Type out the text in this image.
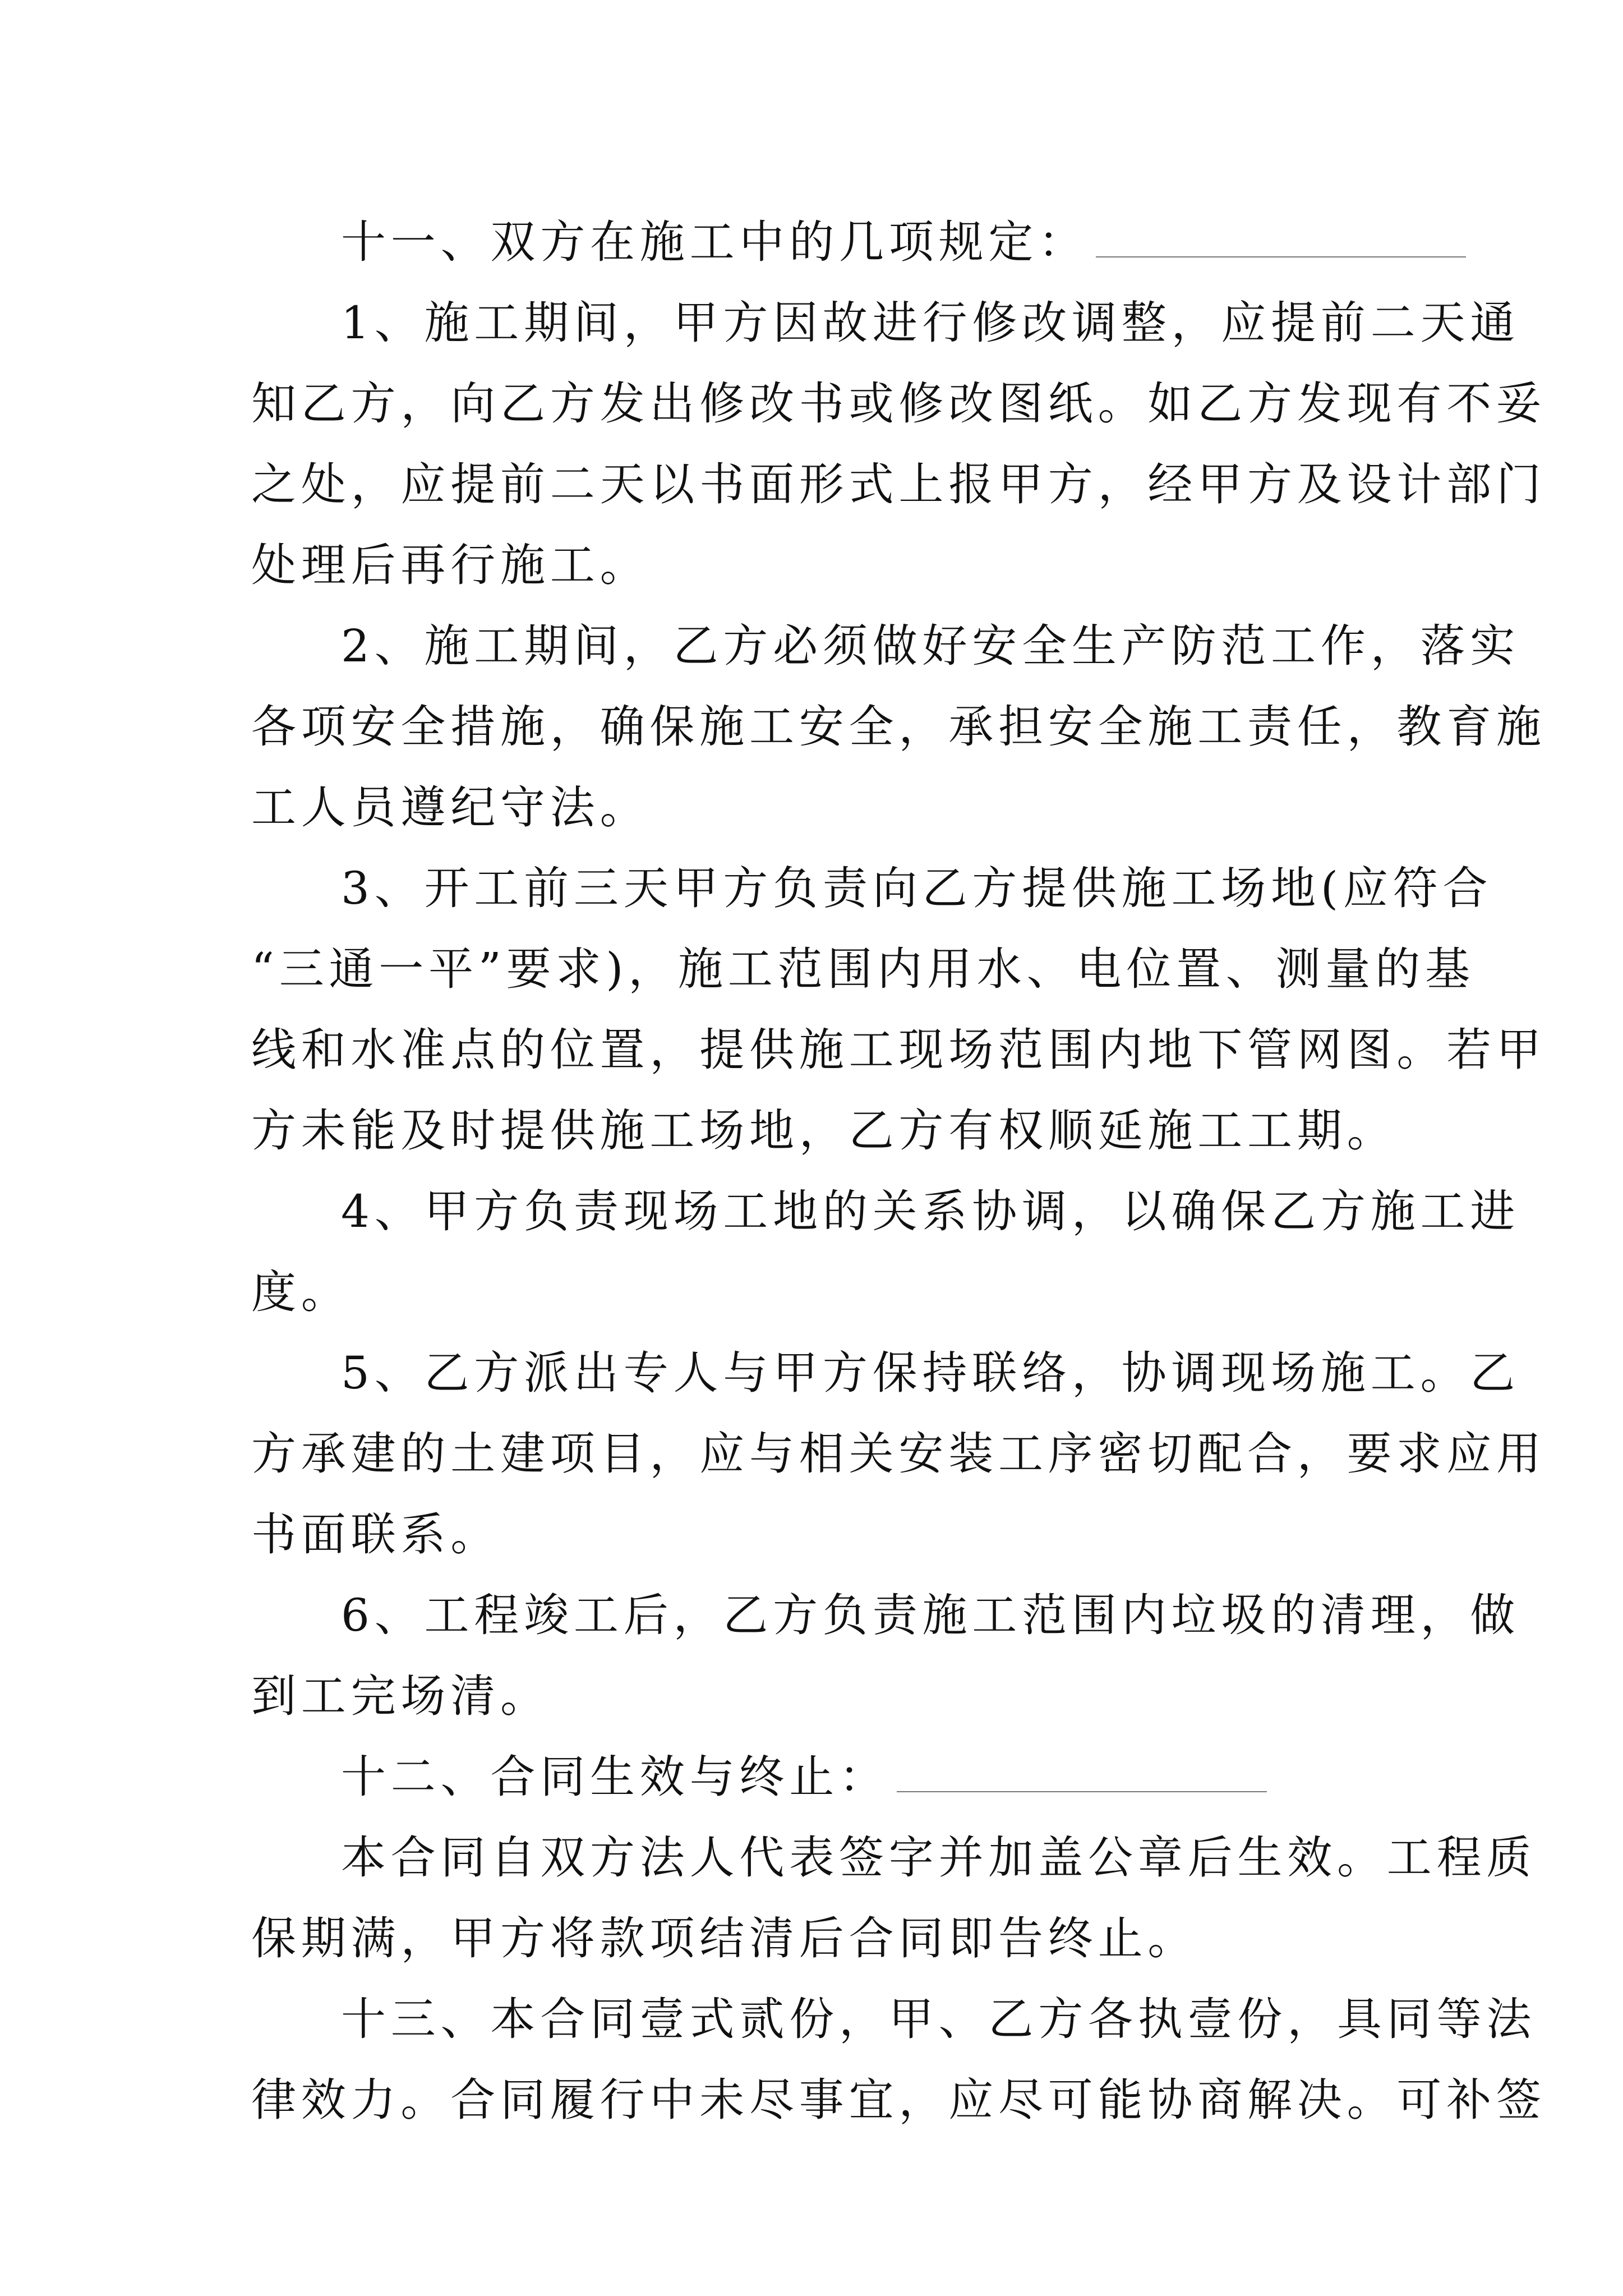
十一、双方在施工中的几项规定：

1、施工期间，甲方因故进行修改调整，应提前二天通

知乙方，向乙方发出修改书或修改图纸。如乙方发现有不妥

之处，应提前二天以书面形式上报甲方，经甲方及设计部门

处理后再行施工。

2、施工期间，乙方必须做好安全生产防范工作，落实

各项安全措施，确保施工安全，承担安全施工责任，教育施

工人员遵纪守法。

3、开工前三天甲方负责向乙方提供施工场地(应符合

“三通一平”要求)，施工范围内用水、电位置、测量的基

线和水准点的位置，提供施工现场范围内地下管网图。若甲

方未能及时提供施工场地，乙方有权顺延施工工期。

4、甲方负责现场工地的关系协调，以确保乙方施工进

度。

5、乙方派出专人与甲方保持联络，协调现场施工。乙

方承建的土建项目，应与相关安装工序密切配合，要求应用

书面联系。

6、工程竣工后，乙方负责施工范围内垃圾的清理，做

到工完场清。

十二、合同生效与终止：

本合同自双方法人代表签字并加盖公章后生效。工程质

保期满，甲方将款项结清后合同即告终止。

十三、本合同壹式贰份，甲、乙方各执壹份，具同等法

律效力。合同履行中未尽事宜，应尽可能协商解决。可补签
